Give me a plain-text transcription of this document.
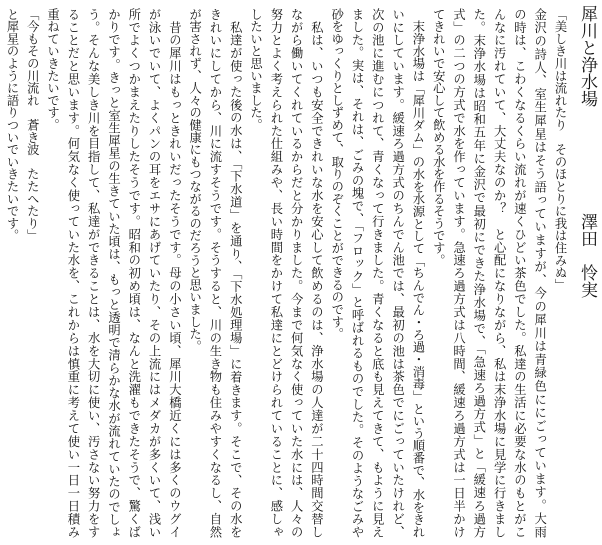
犀川と浄水場
澤田　怜実
「美しき川は流れたり　そのほとりに我は住みぬ」
金沢の詩人、室生犀星はそう語っていますが、今の犀川は青緑色ににごっています。大雨
の時は、こわくなるくらい流れが速くひどい茶色でした。私達の生活に必要な水のもとがこ
んなに汚れていて、大丈夫なのか？　と心配になりながら、私は末浄水場に見学に行きまし
た。末浄水場は昭和五年に金沢で最初にできた浄水場で、「急速ろ過方式」と「緩速ろ過方
式」の二つの方式で水を作っています。急速ろ過方式は八時間、緩速ろ過方式は一日半かけ
てきれいで安心して飲める水を作るそうです。
　末浄水場は「犀川ダム」の水を水源として「ちんでん・ろ過・消毒」という順番で、水をきれ
いにしています。緩速ろ過方式のちんでん池では、最初の池は茶色でにごっていたけれど、
次の池に進むにつれて、青くなって行きました。青くなると底も見えてきて、もように見え
ました。実は、それは、ごみの塊で、「フロック」と呼ばれるものでした。そのようなごみや
砂をゆっくりとしずめて、取りのぞくことができるのです。
　私は、いつも安全できれいな水を安心して飲めるのは、浄水場の人達が二十四時間交替し
ながら働いてくれているからだと分かりました。今まで何気なく使っていた水には、人々の
努力とよく考えられた仕組みや、長い時間をかけて私達にとどけられていることに、感しゃ
したいと思いました。
　私達が使った後の水は、「下水道」を通り、「下水処理場」に着きます。そこで、その水を
きれいにしてから、川に流すそうです。そうすると、川の生き物も住みやすくなるし、自然
が害されず、人々の健康にもつながるのだろうと思いました。
　昔の犀川はもっときれいだったそうです。母の小さい頃、犀川大橋近くには多くのウグイ
が泳いでいて、よくパンの耳をエサにあげていたり、その上流にはメダカが多くいて、浅い
所でよくつかまえたりしたそうです。昭和の初め頃は、なんと洗濯もできたそうで、驚くば
かりです。きっと室生犀星の生きていた頃は、もっと透明で清らかな水が流れていたのでしょ
う。そんな美しき川を目指して、私達ができることは、水を大切に使い、汚さない努力をす
ることだと思います。何気なく使っていた水を、これからは慎重に考えて使い一日一日積み
重ねていきたいです。
「今もその川流れ　蒼き波　たたへたり」
と犀星のように語りついでいきたいです。
